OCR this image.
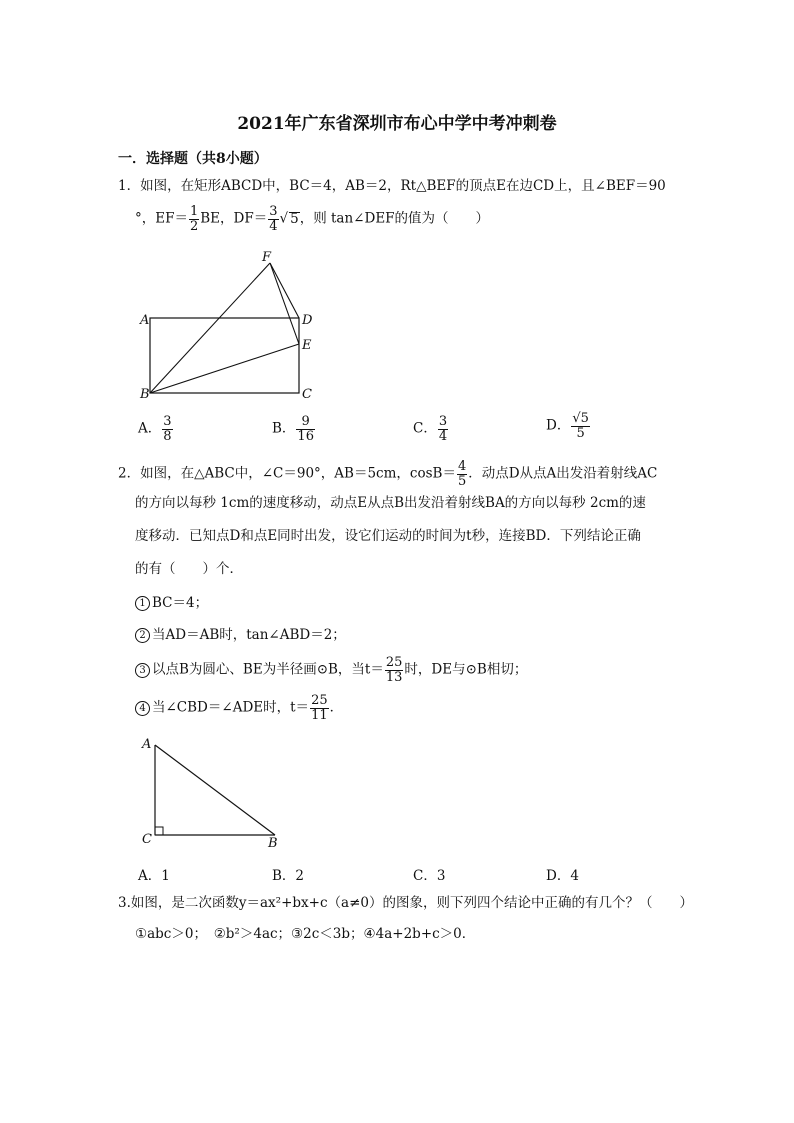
2021年广东省深圳市布心中学中考冲刺卷
一．选择题（共8小题）
1．如图，在矩形ABCD中，BC＝4，AB＝2，Rt△BEF的顶点E在边CD上，且∠BEF＝90
°，$EF= \frac{1}{2}$ BE，$DF= \frac{3}{4}$ √ 5，则 tan∠DEF的值为（　　）
F
A	D
E
B	C
A． $\frac{3}{8}$	B． $\frac{9}{16}$	C． $\frac{3}{4}$	D． $\frac{√5}{5}$
2．如图，在△ABC中，∠C＝90°，AB＝5cm，$\cos B= \frac{4}{5}$ ．动点D从点A出发沿着射线AC
的方向以每秒 1cm的速度移动，动点E从点B出发沿着射线BA的方向以每秒 2cm的速
度移动．已知点D和点E同时出发，设它们运动的时间为t秒，连接BD．下列结论正确
的有（　　）个．
1 BC＝4；
2 当AD＝AB时，tan∠ABD＝2；
3 以点B为圆心、BE为半径画⊙B，当$t= \frac{25}{13}$ 时，DE与⊙B相切；
4 当∠CBD＝∠ADE时，$t= \frac{25}{11}$ ．
A
C	B
A．1	B．2	C．3	D．4
3.如图，是二次函数y＝ax²+bx+c（a≠0）的图象，则下列四个结论中正确的有几个？（　　）
①abc＞0；　②b²＞4ac；③2c＜3b；④4a+2b+c＞0．
